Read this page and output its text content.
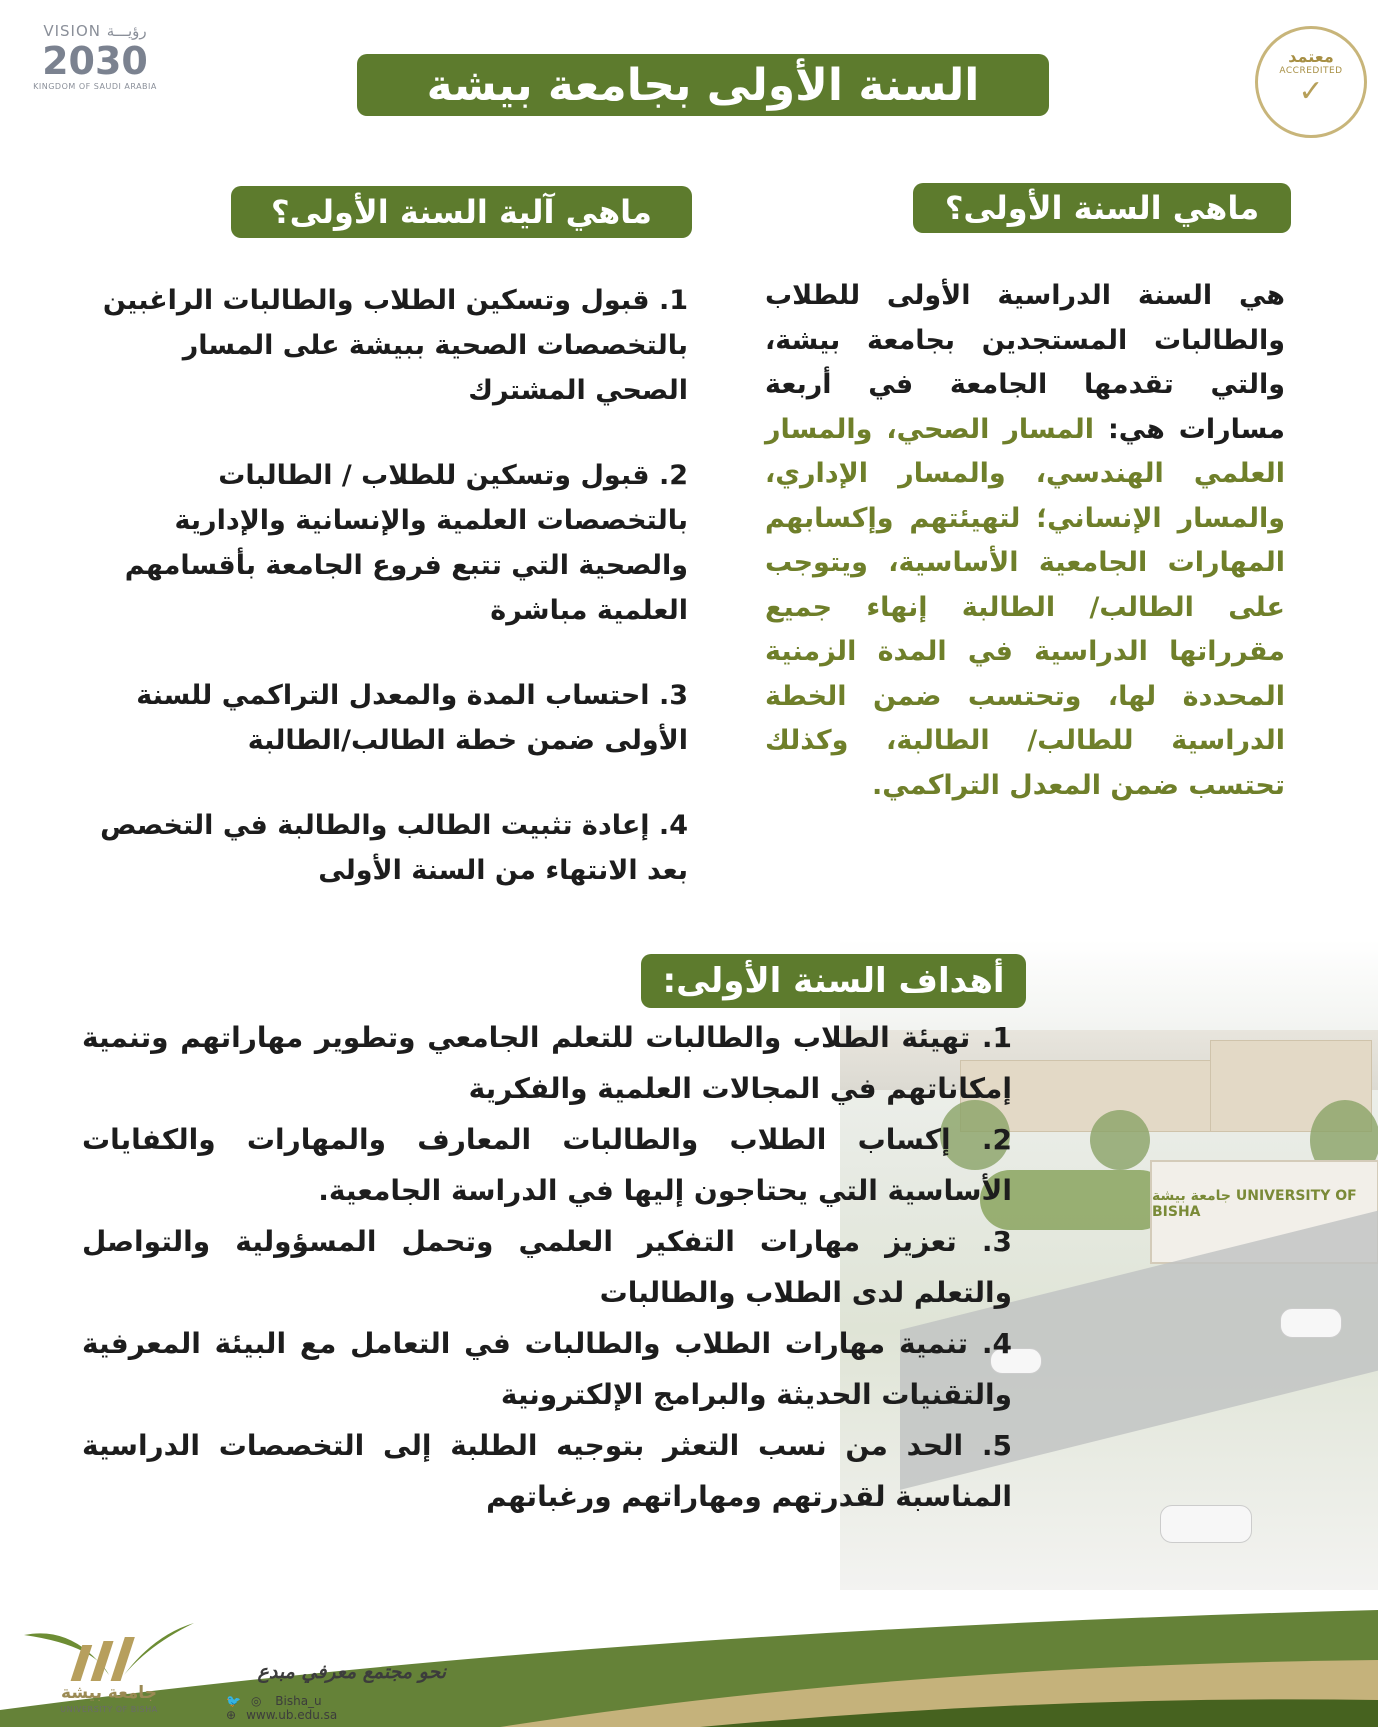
VISION رؤيـــة
2030
KINGDOM OF SAUDI ARABIA
معتمد
ACCREDITED
✓
السنة الأولى بجامعة بيشة
جامعة بيشة UNIVERSITY OF BISHA
ماهي السنة الأولى؟
هي السنة الدراسية الأولى للطلاب والطالبات المستجدين بجامعة بيشة، والتي تقدمها الجامعة في أربعة مسارات هي: المسار الصحي، والمسار العلمي الهندسي، والمسار الإداري، والمسار الإنساني؛ لتهيئتهم وإكسابهم المهارات الجامعية الأساسية، ويتوجب على الطالب/ الطالبة إنهاء جميع مقرراتها الدراسية في المدة الزمنية المحددة لها، وتحتسب ضمن الخطة الدراسية للطالب/ الطالبة، وكذلك تحتسب ضمن المعدل التراكمي.
ماهي آلية السنة الأولى؟

1. قبول وتسكين الطلاب والطالبات الراغبين بالتخصصات الصحية ببيشة على المسار الصحي المشترك

2. قبول وتسكين للطلاب / الطالبات بالتخصصات العلمية والإنسانية والإدارية والصحية التي تتبع فروع الجامعة بأقسامهم العلمية مباشرة

3. احتساب المدة والمعدل التراكمي للسنة الأولى ضمن خطة الطالب/الطالبة

4. إعادة تثبيت الطالب والطالبة في التخصص بعد الانتهاء من السنة الأولى

أهداف السنة الأولى:
1. تهيئة الطلاب والطالبات للتعلم الجامعي وتطوير مهاراتهم وتنمية إمكاناتهم في المجالات العلمية والفكرية
2. إكساب الطلاب والطالبات المعارف والمهارات والكفايات الأساسية التي يحتاجون إليها في الدراسة الجامعية.
3. تعزيز مهارات التفكير العلمي وتحمل المسؤولية والتواصل والتعلم لدى الطلاب والطالبات
4. تنمية مهارات الطلاب والطالبات في التعامل مع البيئة المعرفية والتقنيات الحديثة والبرامج الإلكترونية
5. الحد من نسب التعثر بتوجيه الطلبة إلى التخصصات الدراسية المناسبة لقدرتهم ومهاراتهم ورغباتهم
جامعة بيشة
UNIVERSITY OF BISHA
نحو مجتمع معرفي مبدع
🐦 ◎ Bisha_u ⊕ www.ub.edu.sa
